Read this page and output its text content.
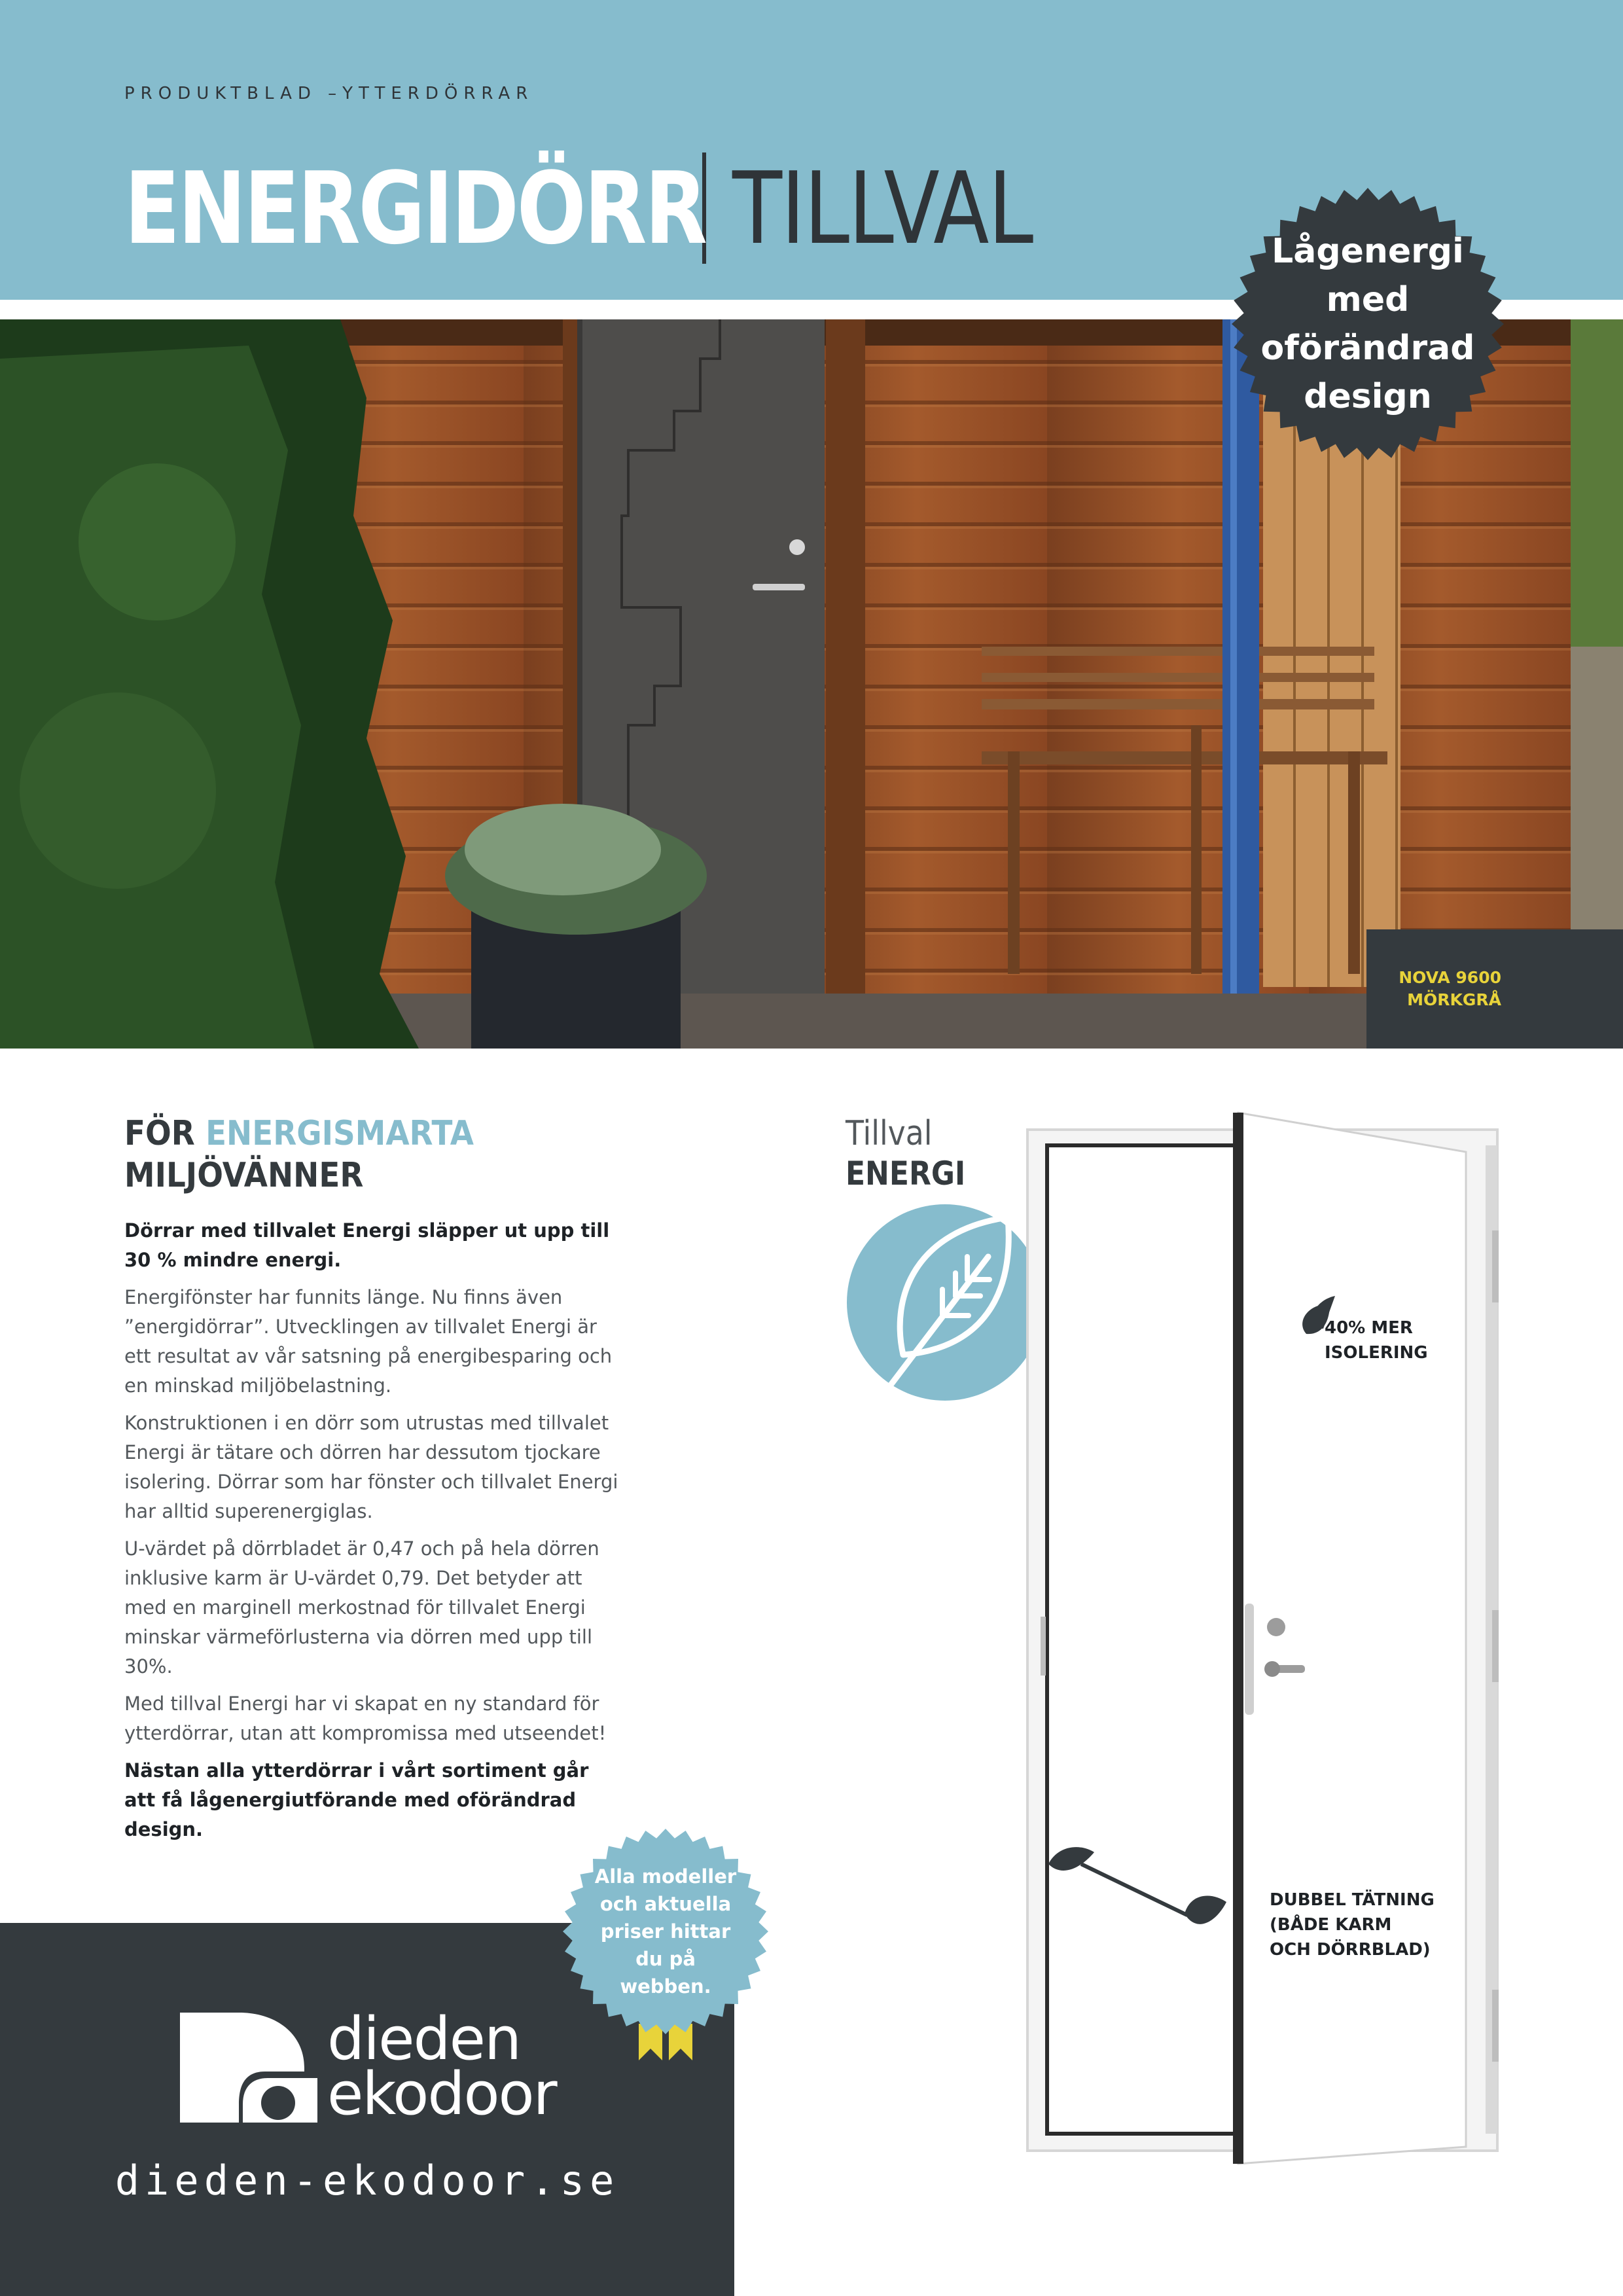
PRODUKTBLAD –YTTERDÖRRAR
ENERGIDÖRR TILLVAL	Lågenergi med oförändrad design
NOVA 9600
MÖRKGRÅ
FÖR ENERGISMARTA
MILJÖVÄNNER

Dörrar med tillvalet Energi släpper ut upp till 30 % mindre energi.

Energifönster har funnits länge. Nu finns även ”energidörrar”. Utvecklingen av tillvalet Energi är ett resultat av vår satsning på energibesparing och en minskad miljöbelastning.

Konstruktionen i en dörr som utrustas med tillvalet Energi är tätare och dörren har dessutom tjockare isolering. Dörrar som har fönster och tillvalet Energi har alltid superenergiglas.

U-värdet på dörrbladet är 0,47 och på hela dörren inklusive karm är U-värdet 0,79. Det betyder att med en marginell merkostnad för tillvalet Energi minskar värmeförlusterna via dörren med upp till 30%.

Med tillval Energi har vi skapat en ny standard för ytterdörrar, utan att kompromissa med utseendet!

Nästan alla ytterdörrar i vårt sortiment går att få lågenergiutförande med oförändrad design.

Tillval
ENERGI
40% MER
ISOLERING
DUBBEL TÄTNING
(BÅDE KARM
OCH DÖRRBLAD)
dieden
ekodoor
dieden-ekodoor.se
Alla modeller och aktuella priser hittar du på webben.
